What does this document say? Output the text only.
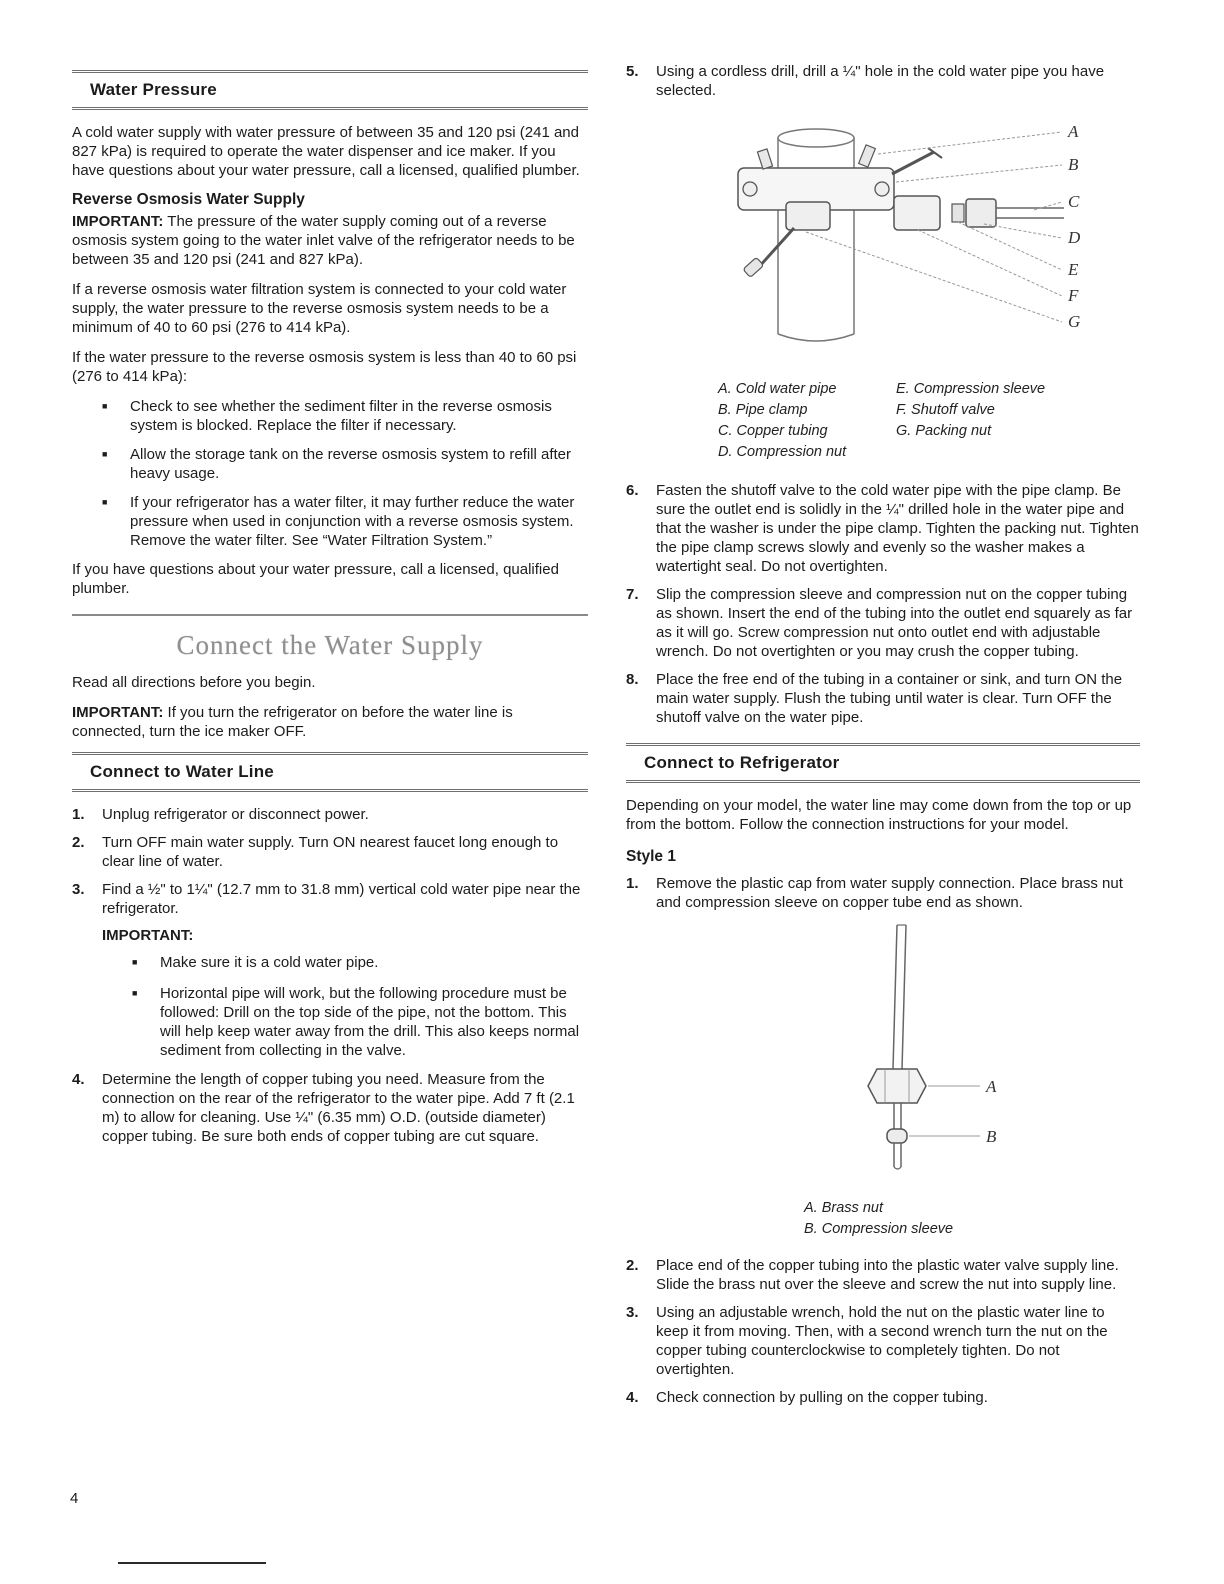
Water Pressure

A cold water supply with water pressure of between 35 and 120 psi (241 and 827 kPa) is required to operate the water dispenser and ice maker. If you have questions about your water pressure, call a licensed, qualified plumber.

Reverse Osmosis Water Supply

IMPORTANT: The pressure of the water supply coming out of a reverse osmosis system going to the water inlet valve of the refrigerator needs to be between 35 and 120 psi (241 and 827 kPa).

If a reverse osmosis water filtration system is connected to your cold water supply, the water pressure to the reverse osmosis system needs to be a minimum of 40 to 60 psi (276 to 414 kPa).

If the water pressure to the reverse osmosis system is less than 40 to 60 psi (276 to 414 kPa):

■
Check to see whether the sediment filter in the reverse osmosis system is blocked. Replace the filter if necessary.
■
Allow the storage tank on the reverse osmosis system to refill after heavy usage.
■
If your refrigerator has a water filter, it may further reduce the water pressure when used in conjunction with a reverse osmosis system. Remove the water filter. See “Water Filtration System.”

If you have questions about your water pressure, call a licensed, qualified plumber.

Connect the Water Supply

Read all directions before you begin.

IMPORTANT: If you turn the refrigerator on before the water line is connected, turn the ice maker OFF.

Connect to Water Line
1.	Unplug refrigerator or disconnect power.
2.	Turn OFF main water supply. Turn ON nearest faucet long enough to clear line of water.
3.	Find a ½" to 1¼" (12.7 mm to 31.8 mm) vertical cold water pipe near the refrigerator.
IMPORTANT:
■
Make sure it is a cold water pipe.
■
Horizontal pipe will work, but the following procedure must be followed: Drill on the top side of the pipe, not the bottom. This will help keep water away from the drill. This also keeps normal sediment from collecting in the valve.
4.	Determine the length of copper tubing you need. Measure from the connection on the rear of the refrigerator to the water pipe. Add 7 ft (2.1 m) to allow for cleaning. Use ¼" (6.35 mm) O.D. (outside diameter) copper tubing. Be sure both ends of copper tubing are cut square.
5.	Using a cordless drill, drill a ¼" hole in the cold water pipe you have selected.
A
B
C
D
E
F
G
A. Cold water pipe
B. Pipe clamp
C. Copper tubing
D. Compression nut
E. Compression sleeve
F. Shutoff valve
G. Packing nut
6.	Fasten the shutoff valve to the cold water pipe with the pipe clamp. Be sure the outlet end is solidly in the ¼" drilled hole in the water pipe and that the washer is under the pipe clamp. Tighten the packing nut. Tighten the pipe clamp screws slowly and evenly so the washer makes a watertight seal. Do not overtighten.
7.	Slip the compression sleeve and compression nut on the copper tubing as shown. Insert the end of the tubing into the outlet end squarely as far as it will go. Screw compression nut onto outlet end with adjustable wrench. Do not overtighten or you may crush the copper tubing.
8.	Place the free end of the tubing in a container or sink, and turn ON the main water supply. Flush the tubing until water is clear. Turn OFF the shutoff valve on the water pipe.
Connect to Refrigerator

Depending on your model, the water line may come down from the top or up from the bottom. Follow the connection instructions for your model.

Style 1
1.	Remove the plastic cap from water supply connection. Place brass nut and compression sleeve on copper tube end as shown.
A
B
A. Brass nut
B. Compression sleeve
2.	Place end of the copper tubing into the plastic water valve supply line. Slide the brass nut over the sleeve and screw the nut into supply line.
3.	Using an adjustable wrench, hold the nut on the plastic water line to keep it from moving. Then, with a second wrench turn the nut on the copper tubing counterclockwise to completely tighten. Do not overtighten.
4.	Check connection by pulling on the copper tubing.
4
